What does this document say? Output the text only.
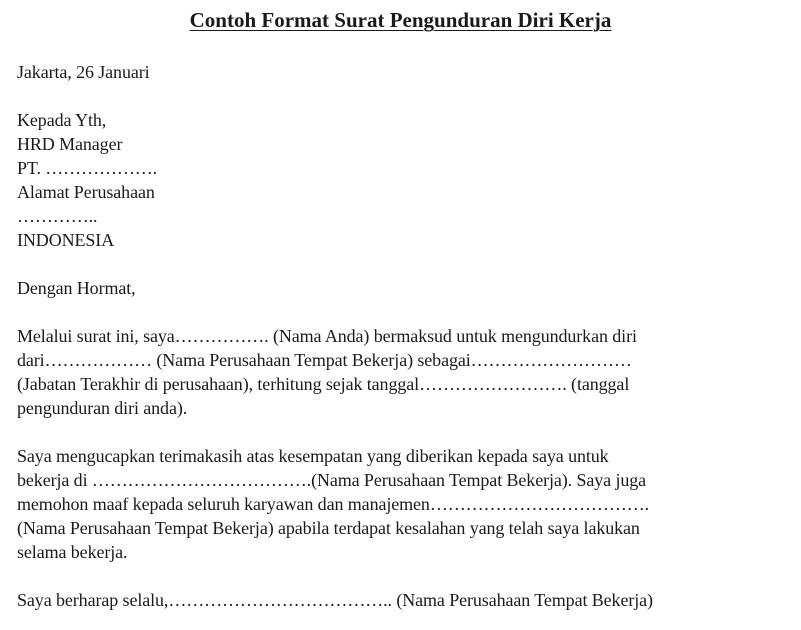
Contoh Format Surat Pengunduran Diri Kerja

Jakarta, 26 Januari

Kepada Yth,
HRD Manager
PT. ……………….
Alamat Perusahaan
…………..
INDONESIA

Dengan Hormat,

Melalui surat ini, saya……………. (Nama Anda) bermaksud untuk mengundurkan diri
dari……………… (Nama Perusahaan Tempat Bekerja) sebagai………………………
(Jabatan Terakhir di perusahaan), terhitung sejak tanggal……………………. (tanggal
pengunduran diri anda).
Saya mengucapkan terimakasih atas kesempatan yang diberikan kepada saya untuk
bekerja di ……………………………….(Nama Perusahaan Tempat Bekerja). Saya juga
memohon maaf kepada seluruh karyawan dan manajemen……………………………….
(Nama Perusahaan Tempat Bekerja) apabila terdapat kesalahan yang telah saya lakukan
selama bekerja.
Saya berharap selalu,……………………………….. (Nama Perusahaan Tempat Bekerja)
